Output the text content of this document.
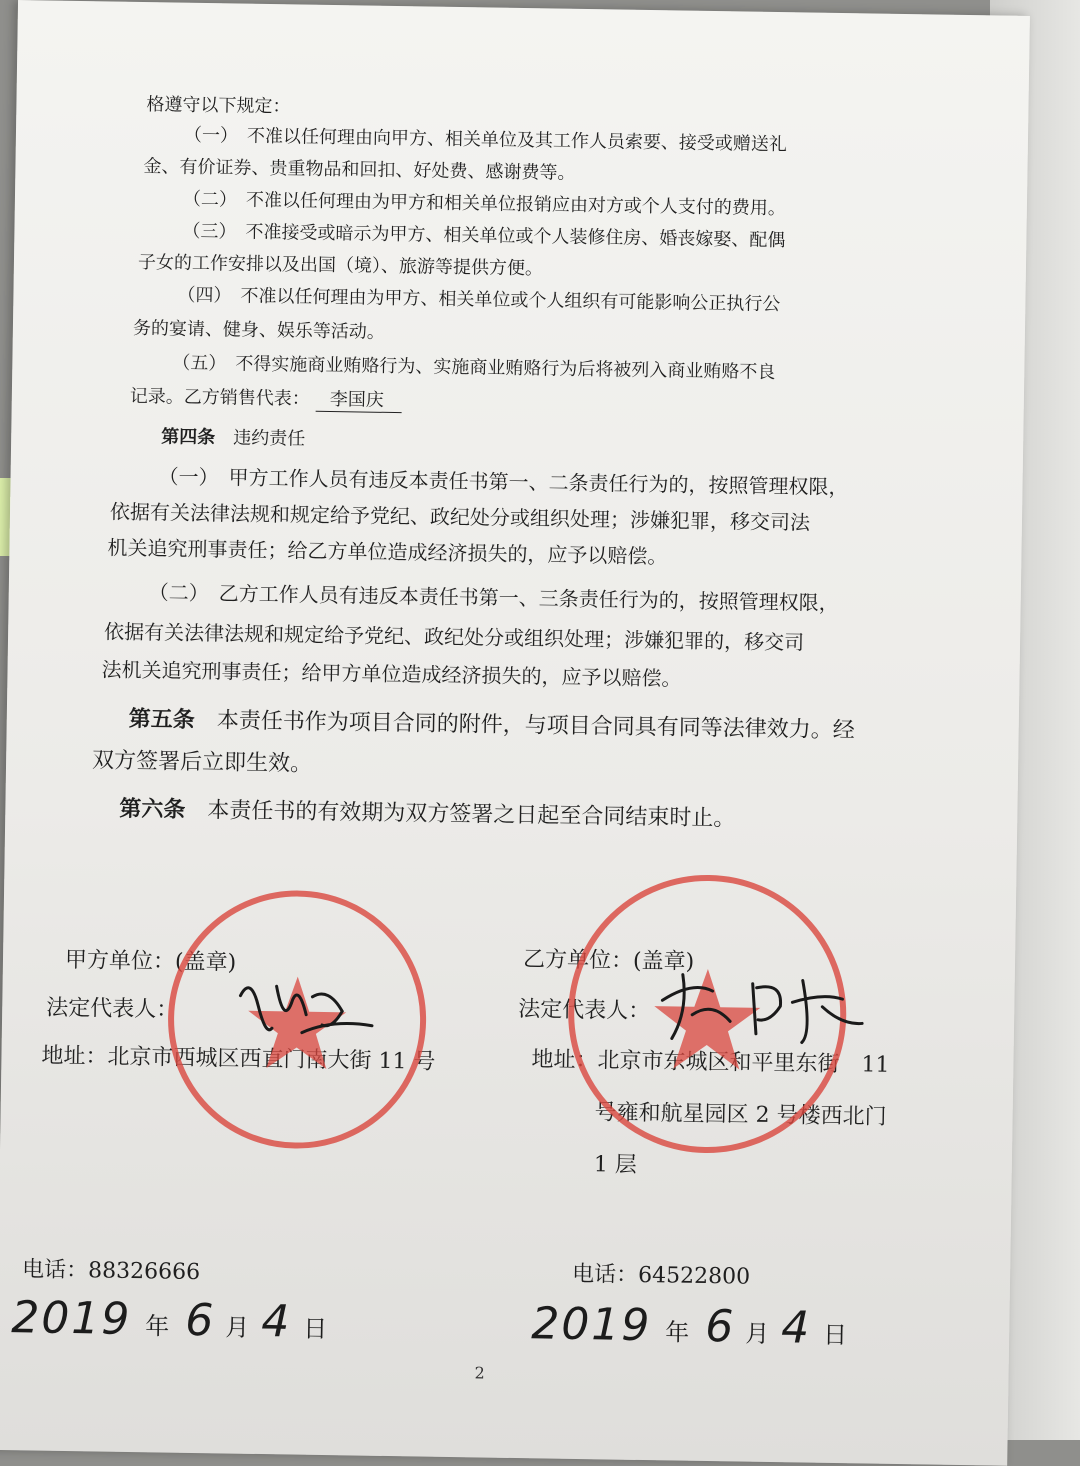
格遵守以下规定：
（一）　不准以任何理由向甲方、相关单位及其工作人员索要、接受或赠送礼
金、有价证券、贵重物品和回扣、好处费、感谢费等。
（二）　不准以任何理由为甲方和相关单位报销应由对方或个人支付的费用。
（三）　不准接受或暗示为甲方、相关单位或个人装修住房、婚丧嫁娶、配偶
子女的工作安排以及出国（境）、旅游等提供方便。
（四）　不准以任何理由为甲方、相关单位或个人组织有可能影响公正执行公
务的宴请、健身、娱乐等活动。
（五）　不得实施商业贿赂行为、实施商业贿赂行为后将被列入商业贿赂不良
记录。乙方销售代表： 李国庆
第四条　 违约责任
（一）　甲方工作人员有违反本责任书第一、二条责任行为的，按照管理权限，
依据有关法律法规和规定给予党纪、政纪处分或组织处理；涉嫌犯罪，移交司法
机关追究刑事责任；给乙方单位造成经济损失的，应予以赔偿。
（二）　乙方工作人员有违反本责任书第一、三条责任行为的，按照管理权限，
依据有关法律法规和规定给予党纪、政纪处分或组织处理；涉嫌犯罪的，移交司
法机关追究刑事责任；给甲方单位造成经济损失的，应予以赔偿。
第五条　 本责任书作为项目合同的附件，与项目合同具有同等法律效力。经
双方签署后立即生效。
第六条　 本责任书的有效期为双方签署之日起至合同结束时止。
甲方单位：(盖章)
法定代表人：
地址：北京市西城区西直门南大街 11 号
电话：88326666
乙方单位：(盖章)
法定代表人：
地址：北京市东城区和平里东街　11
号雍和航星园区 2 号楼西北门
1 层
电话：64522800
2019 年 6 月 4 日	2019 年 6 月 4 日
2
